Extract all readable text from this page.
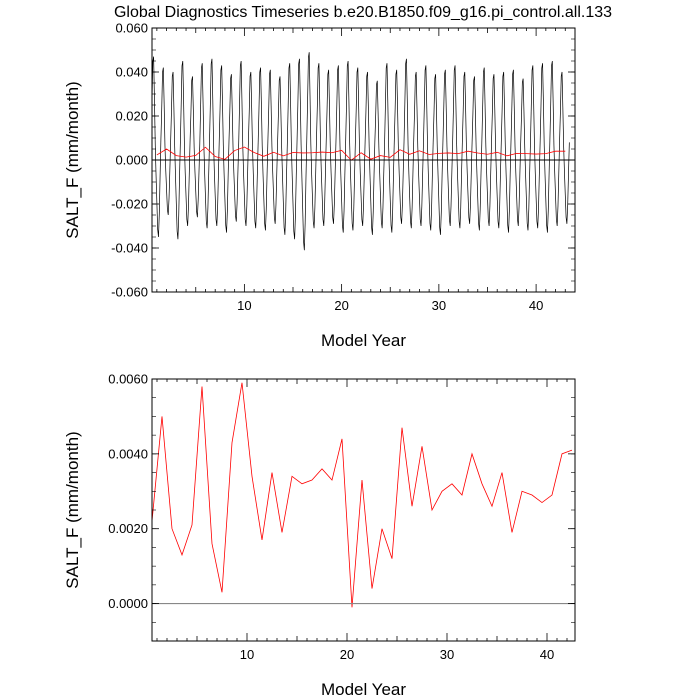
Global Diagnostics Timeseries b.e20.B1850.f09_g16.pi_control.all.133
10	20	30	40
-0.060
-0.040
-0.020
0.000
0.020
0.040
0.060
Model Year
SALT_F (mm/month)
10	20	30	40
0.0000
0.0020
0.0040
0.0060
Model Year
SALT_F (mm/month)
